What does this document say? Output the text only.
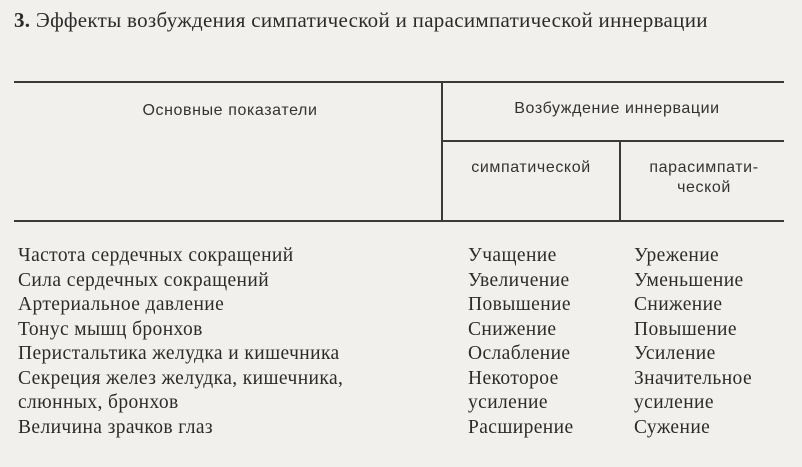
3. Эффекты возбуждения симпатической и парасимпатической иннервации
Основные показатели	Возбуждение иннервации
симпатической	парасимпати-
ческой
Частота сердечных сокращений	Учащение	Урежение
Сила сердечных сокращений	Увеличение	Уменьшение
Артериальное давление	Повышение	Снижение
Тонус мышц бронхов	Снижение	Повышение
Перистальтика желудка и кишечника	Ослабление	Усиление
Секреция желез желудка, кишечника,	Некоторое	Значительное
слюнных, бронхов	усиление	усиление
Величина зрачков глаз	Расширение	Сужение
